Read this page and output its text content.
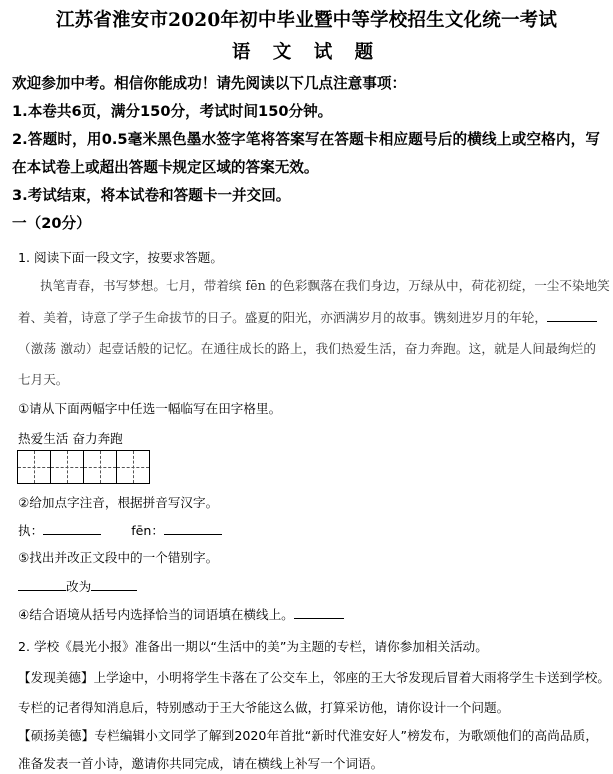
江苏省淮安市2020年初中毕业暨中等学校招生文化统一考试
语 文 试 题
欢迎参加中考。相信你能成功！请先阅读以下几点注意事项：
1.本卷共6页，满分150分，考试时间150分钟。
2.答题时，用0.5毫米黑色墨水签字笔将答案写在答题卡相应题号后的横线上或空格内，写
在本试卷上或超出答题卡规定区域的答案无效。
3.考试结束，将本试卷和答题卡一并交回。
一（20分）
1. 阅读下面一段文字，按要求答题。
执笔青春，书写梦想。七月，带着缤 fēn 的色彩飘落在我们身边，万绿从中，荷花初绽，一尘不染地笑
着、美着，诗意了学子生命拔节的日子。盛夏的阳光，亦洒满岁月的故事。镌刻进岁月的年轮，
（激荡 激动）起壹话般的记忆。在通往成长的路上，我们热爱生活，奋力奔跑。这，就是人间最绚烂的
七月天。
①请从下面两幅字中任选一幅临写在田字格里。
热爱生活 奋力奔跑
②给加点字注音，根据拼音写汉字。
执：	fēn：
⑤找出并改正文段中的一个错别字。
改为
④结合语境从括号内选择恰当的词语填在横线上。
2. 学校《晨光小报》准备出一期以“生活中的美”为主题的专栏，请你参加相关活动。
【发现美德】上学途中，小明将学生卡落在了公交车上，邻座的王大爷发现后冒着大雨将学生卡送到学校。
专栏的记者得知消息后，特别感动于王大爷能这么做，打算采访他，请你设计一个问题。
【硕扬美德】专栏编辑小文同学了解到2020年首批“新时代淮安好人”榜发布，为歌颂他们的高尚品质，
准备发表一首小诗，邀请你共同完成，请在横线上补写一个词语。
